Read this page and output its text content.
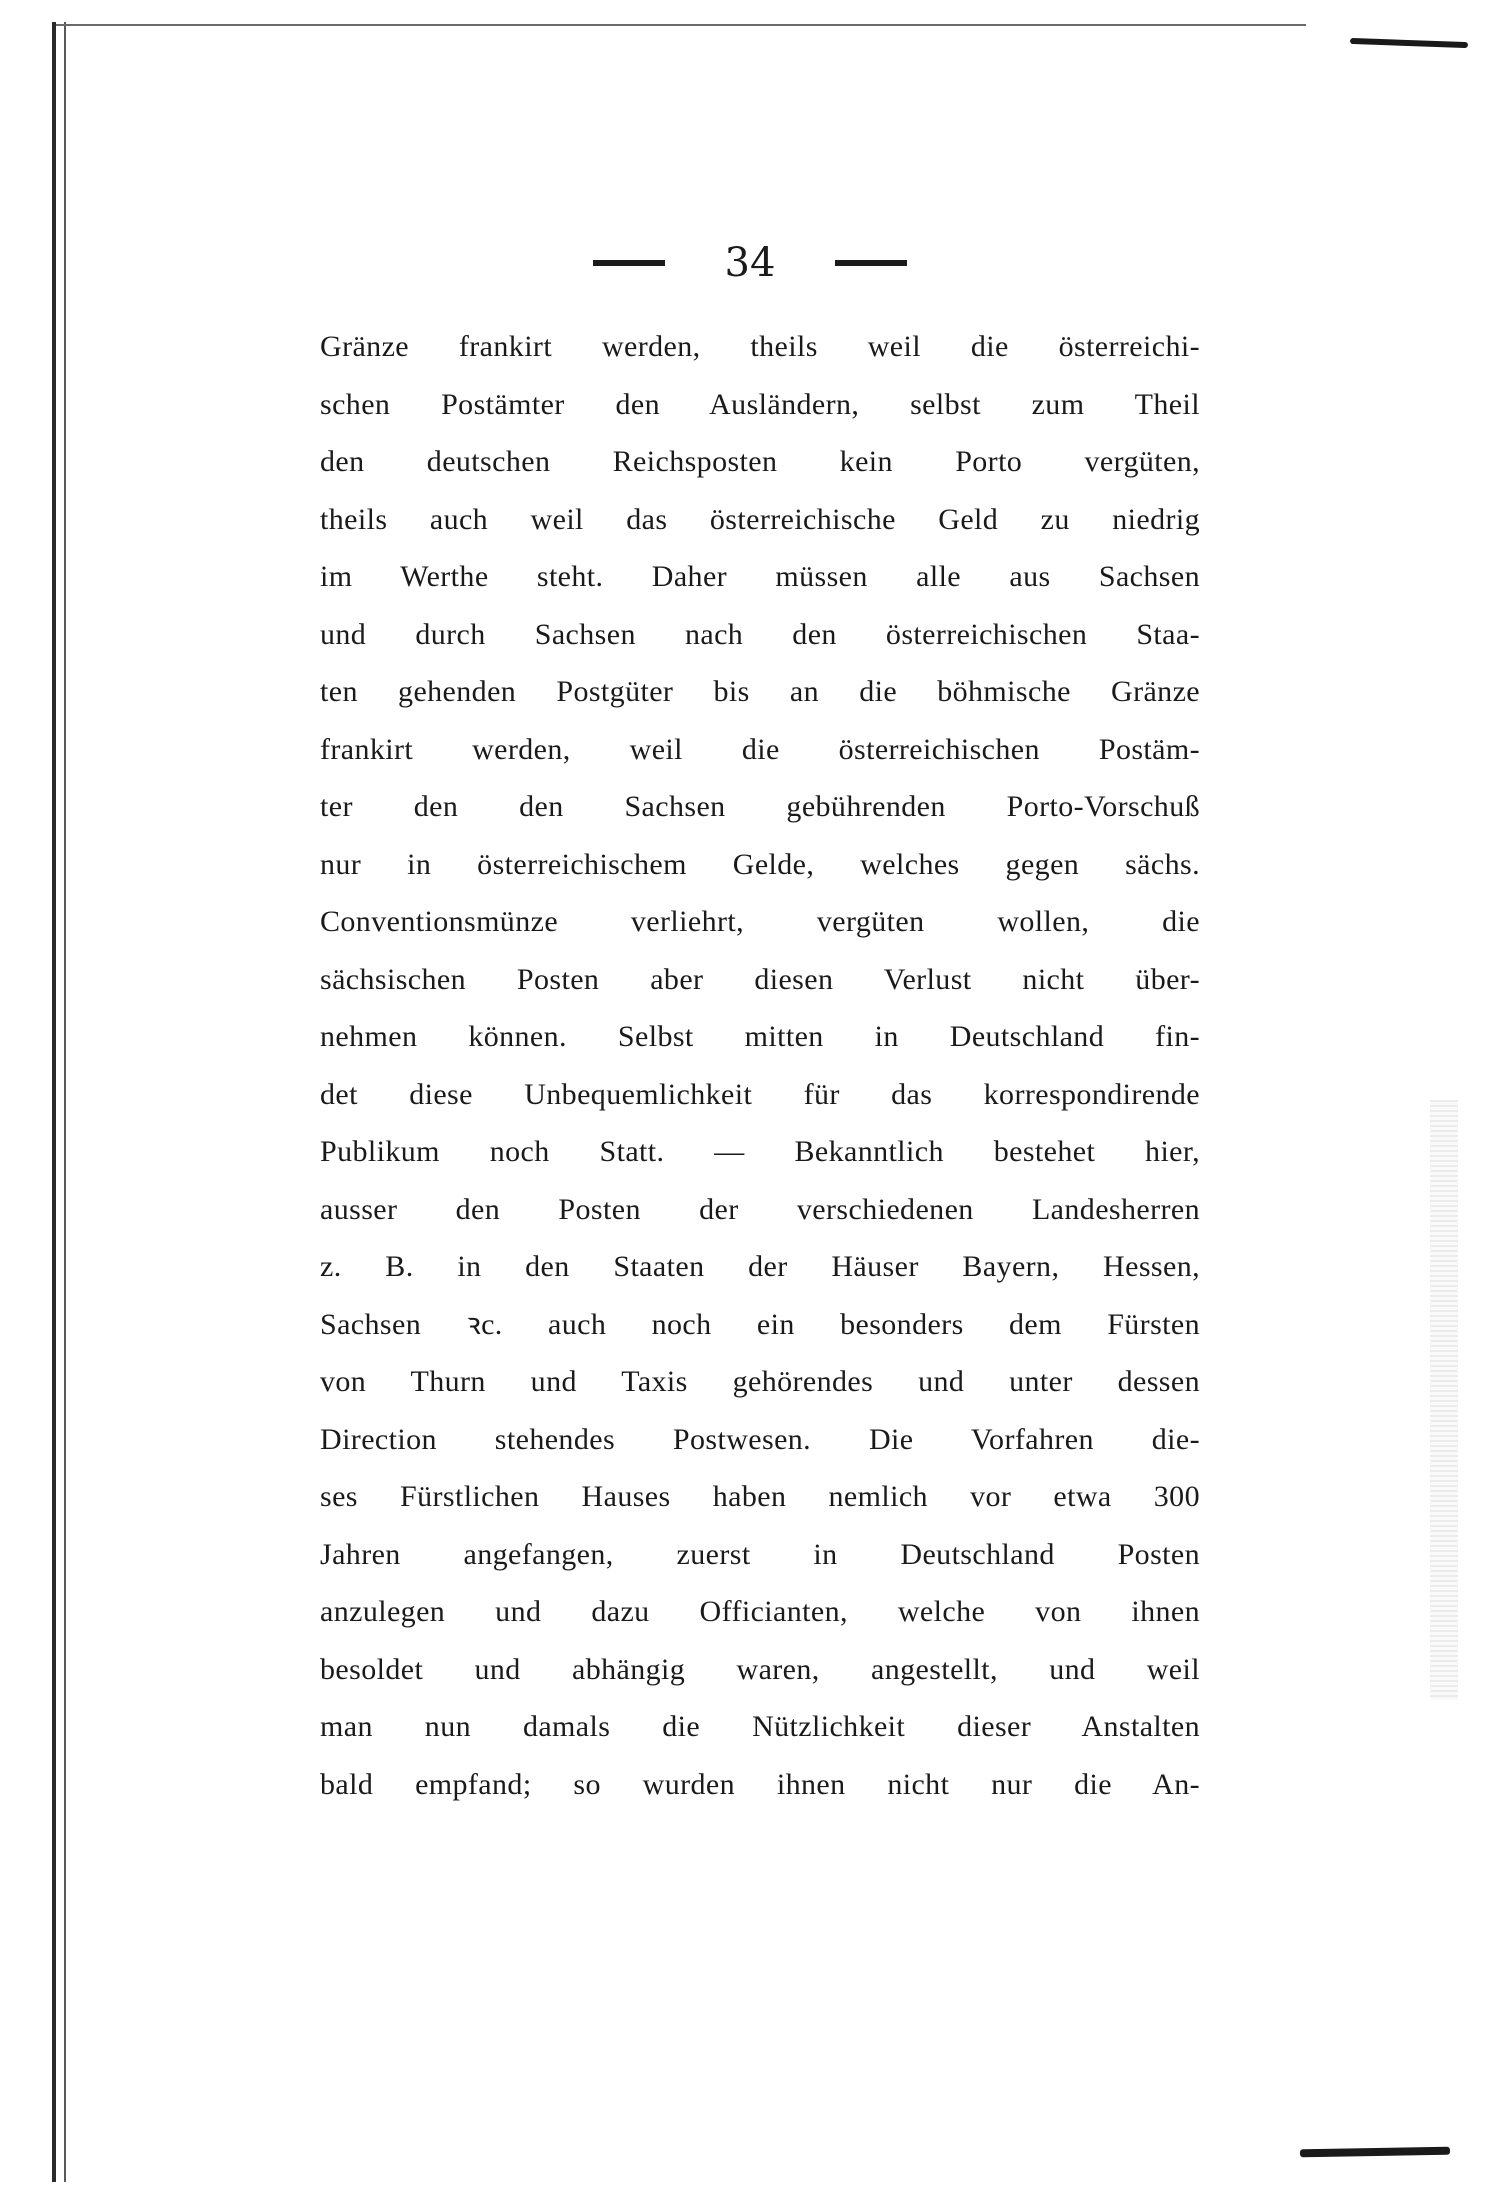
34
Gränze frankirt werden, theils weil die österreichi-
schen Postämter den Ausländern, selbst zum Theil
den deutschen Reichsposten kein Porto vergüten,
theils auch weil das österreichische Geld zu niedrig
im Werthe steht. Daher müssen alle aus Sachsen
und durch Sachsen nach den österreichischen Staa-
ten gehenden Postgüter bis an die böhmische Gränze
frankirt werden, weil die österreichischen Postäm-
ter den den Sachsen gebührenden Porto-Vorschuß
nur in österreichischem Gelde, welches gegen sächs.
Conventionsmünze verliehrt, vergüten wollen, die
sächsischen Posten aber diesen Verlust nicht über-
nehmen können. Selbst mitten in Deutschland fin-
det diese Unbequemlichkeit für das korrespondirende
Publikum noch Statt. — Bekanntlich bestehet hier,
ausser den Posten der verschiedenen Landesherren
z. B. in den Staaten der Häuser Bayern, Hessen,
Sachsen ꝛc. auch noch ein besonders dem Fürsten
von Thurn und Taxis gehörendes und unter dessen
Direction stehendes Postwesen. Die Vorfahren die-
ses Fürstlichen Hauses haben nemlich vor etwa 300
Jahren angefangen, zuerst in Deutschland Posten
anzulegen und dazu Officianten, welche von ihnen
besoldet und abhängig waren, angestellt, und weil
man nun damals die Nützlichkeit dieser Anstalten
bald empfand; so wurden ihnen nicht nur die An-
